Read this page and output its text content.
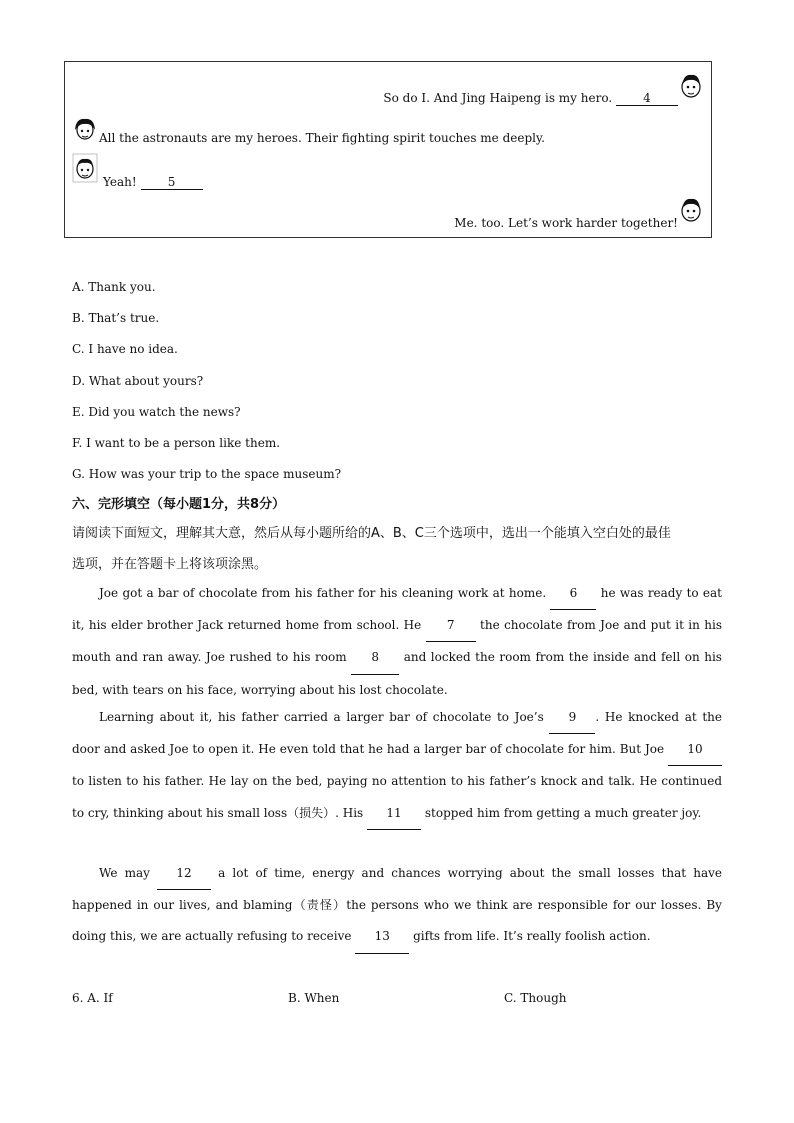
So do I. And Jing Haipeng is my hero.	4
All the astronauts are my heroes. Their fighting spirit touches me deeply.
Yeah!	5
Me. too. Let’s work harder together!
A. Thank you.
B. That’s true.
C. I have no idea.
D. What about yours?
E. Did you watch the news?
F. I want to be a person like them.
G. How was your trip to the space museum?
六、完形填空（每小题1分，共8分）
请阅读下面短文，理解其大意，然后从每小题所给的A、B、C三个选项中，选出一个能填入空白处的最佳
选项，并在答题卡上将该项涂黑。
Joe got a bar of chocolate from his father for his cleaning work at home. 6 he was ready to eat it, his elder brother Jack returned home from school. He 7 the chocolate from Joe and put it in his mouth and ran away. Joe rushed to his room 8 and locked the room from the inside and fell on his bed, with tears on his face, worrying about his lost chocolate.
Learning about it, his father carried a larger bar of chocolate to Joe’s 9 . He knocked at the door and asked Joe to open it. He even told that he had a larger bar of chocolate for him. But Joe 10 to listen to his father. He lay on the bed, paying no attention to his father’s knock and talk. He continued to cry, thinking about his small loss（损失）. His 11 stopped him from getting a much greater joy.
We may 12 a lot of time, energy and chances worrying about the small losses that have happened in our lives, and blaming（责怪）the persons who we think are responsible for our losses. By doing this, we are actually refusing to receive 13 gifts from life. It’s really foolish action.
6. A. If	B. When	C. Though
